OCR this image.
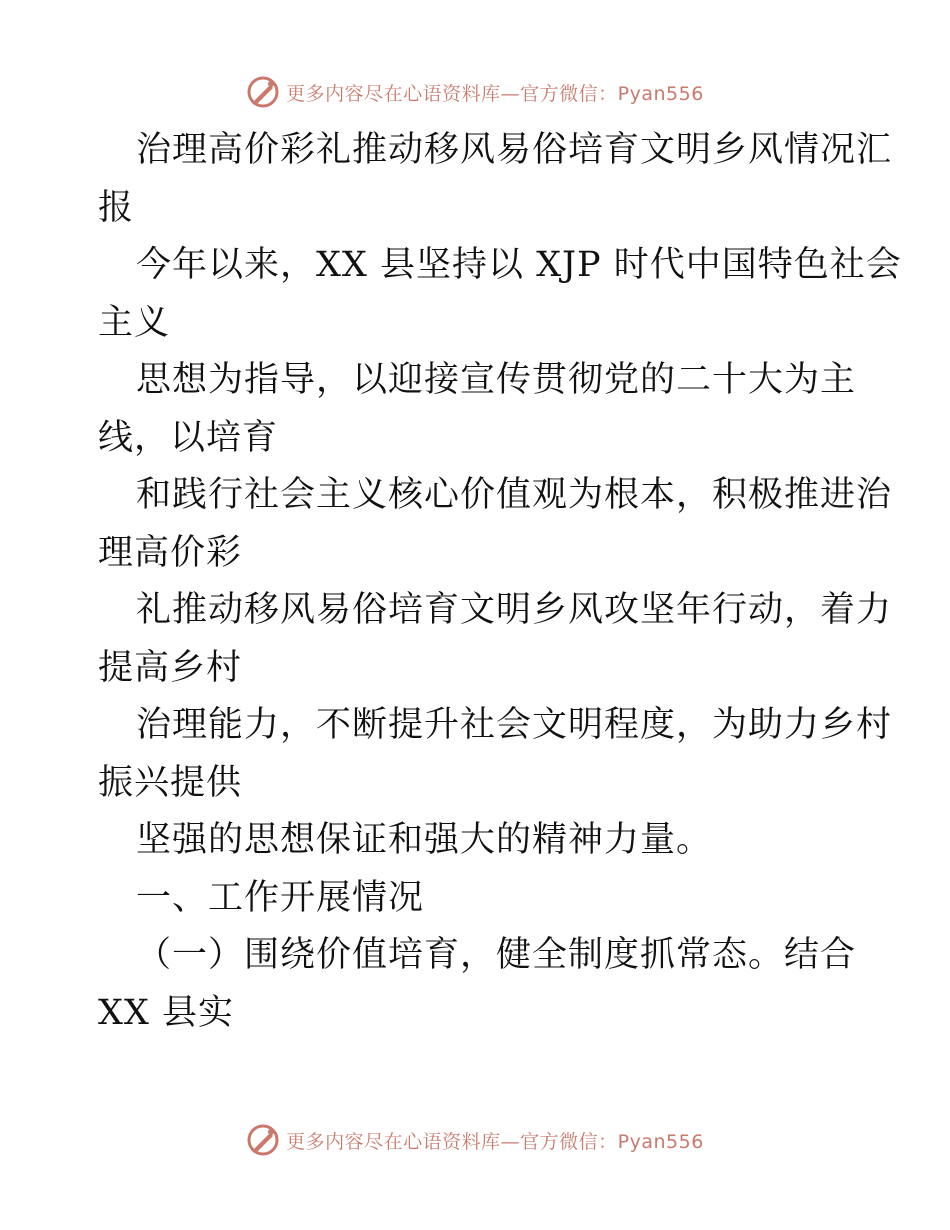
更多内容尽在心语资料库—官方微信：Pyan556
治理高价彩礼推动移风易俗培育文明乡风情况汇
报
今年以来，XX 县坚持以 XJP 时代中国特色社会
主义
思想为指导，以迎接宣传贯彻党的二十大为主
线，以培育
和践行社会主义核心价值观为根本，积极推进治
理高价彩
礼推动移风易俗培育文明乡风攻坚年行动，着力
提高乡村
治理能力，不断提升社会文明程度，为助力乡村
振兴提供
坚强的思想保证和强大的精神力量。
一、工作开展情况
（一）围绕价值培育，健全制度抓常态。结合
XX 县实
更多内容尽在心语资料库—官方微信：Pyan556
